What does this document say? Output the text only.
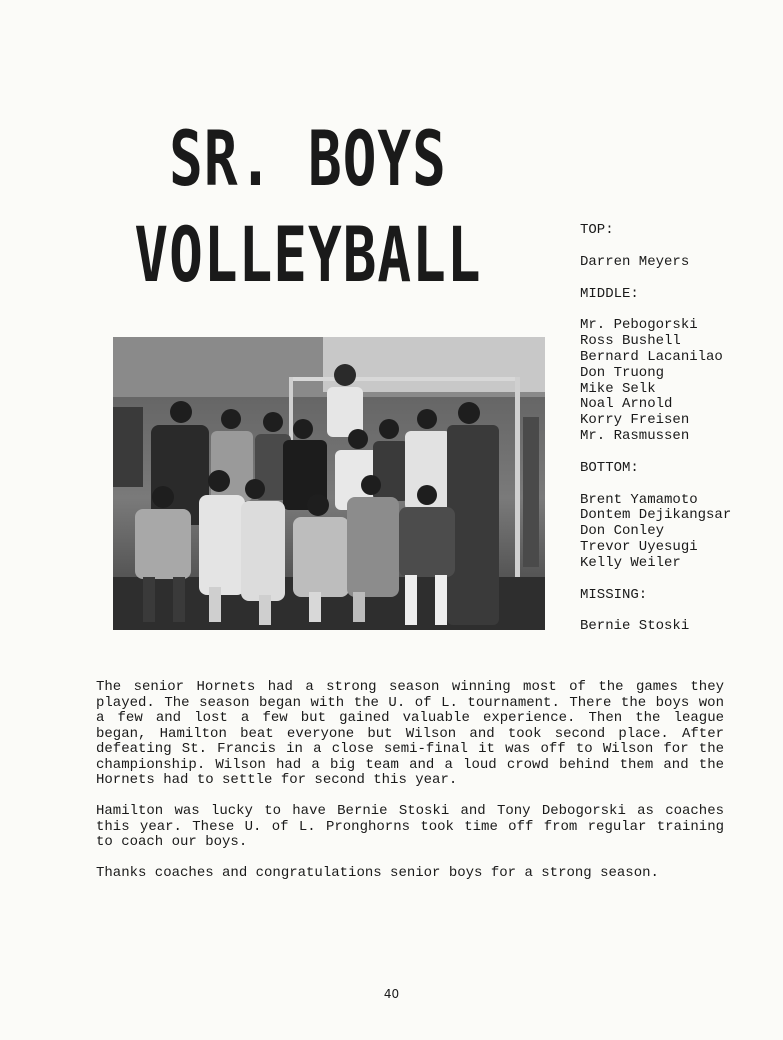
SR. BOYS
VOLLEYBALL	TOP:
Darren Meyers
MIDDLE:
Mr. Pebogorski
Ross Bushell
Bernard Lacanilao
Don Truong
Mike Selk
Noal Arnold
Korry Freisen
Mr. Rasmussen
BOTTOM:
Brent Yamamoto
Dontem Dejikangsar
Don Conley
Trevor Uyesugi
Kelly Weiler
MISSING:
Bernie Stoski

The senior Hornets had a strong season winning most of the games they played. The season began with the U. of L. tournament. There the boys won a few and lost a few but gained valuable experience. Then the league began, Hamilton beat everyone but Wilson and took second place. After defeating St. Francis in a close semi-final it was off to Wilson for the championship. Wilson had a big team and a loud crowd behind them and the Hornets had to settle for second this year.

Hamilton was lucky to have Bernie Stoski and Tony Debogorski as coaches this year. These U. of L. Pronghorns took time off from regular training to coach our boys.

Thanks coaches and congratulations senior boys for a strong season.

40
